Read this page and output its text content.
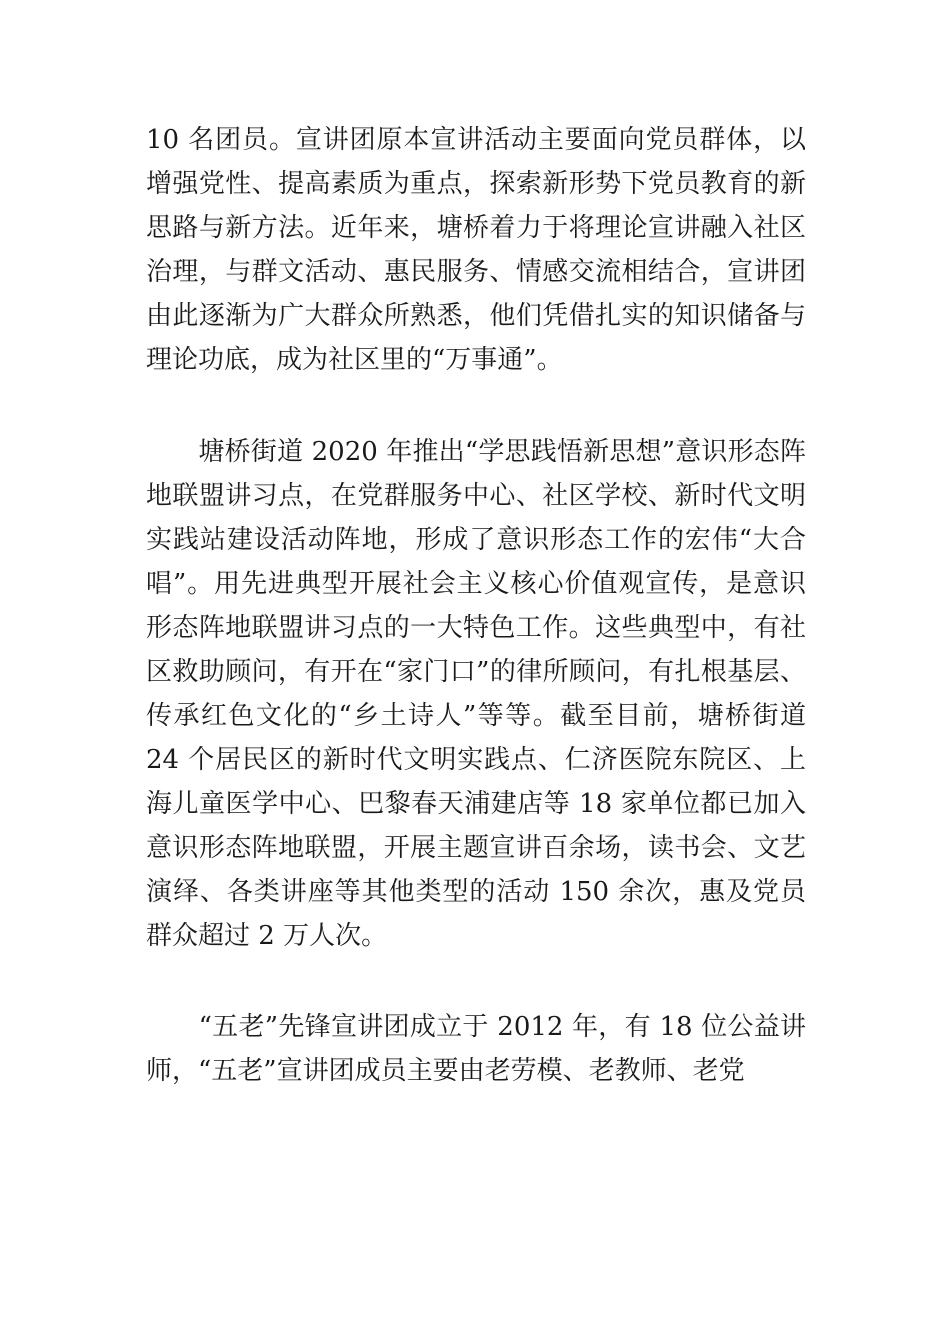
10 名团员。宣讲团原本宣讲活动主要面向党员群体，以增强党性、提高素质为重点，探索新形势下党员教育的新思路与新方法。近年来，塘桥着力于将理论宣讲融入社区治理，与群文活动、惠民服务、情感交流相结合，宣讲团由此逐渐为广大群众所熟悉，他们凭借扎实的知识储备与理论功底，成为社区里的“万事通”。

　　塘桥街道 2020 年推出“学思践悟新思想”意识形态阵地联盟讲习点，在党群服务中心、社区学校、新时代文明实践站建设活动阵地，形成了意识形态工作的宏伟“大合唱”。用先进典型开展社会主义核心价值观宣传，是意识形态阵地联盟讲习点的一大特色工作。这些典型中，有社区救助顾问，有开在“家门口”的律所顾问，有扎根基层、传承红色文化的“乡土诗人”等等。截至目前，塘桥街道 24 个居民区的新时代文明实践点、仁济医院东院区、上海儿童医学中心、巴黎春天浦建店等 18 家单位都已加入意识形态阵地联盟，开展主题宣讲百余场，读书会、文艺演绎、各类讲座等其他类型的活动 150 余次，惠及党员群众超过 2 万人次。

　　“五老”先锋宣讲团成立于 2012 年，有 18 位公益讲师，“五老”宣讲团成员主要由老劳模、老教师、老党
